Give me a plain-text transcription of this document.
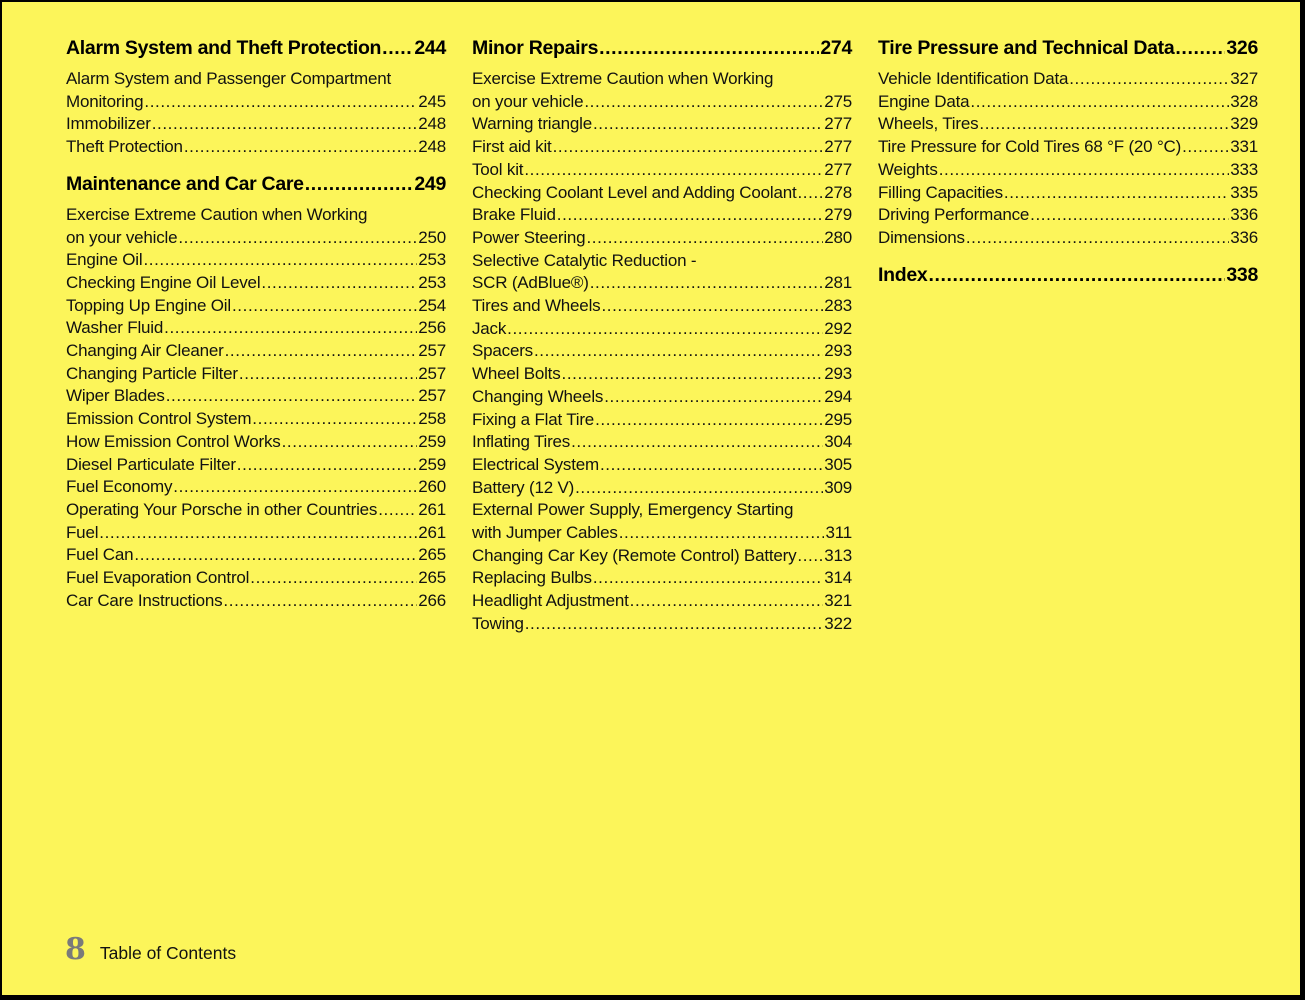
Alarm System and Theft Protection ..... 244
Alarm System and Passenger Compartment
Monitoring .....	245
Immobilizer .....	248
Theft Protection .....	248
Maintenance and Car Care .....	249
Exercise Extreme Caution when Working
on your vehicle .....	250
Engine Oil .....	253
Checking Engine Oil Level .....	253
Topping Up Engine Oil .....	254
Washer Fluid .....	256
Changing Air Cleaner .....	257
Changing Particle Filter .....	257
Wiper Blades .....	257
Emission Control System .....	258
How Emission Control Works .....	259
Diesel Particulate Filter .....	259
Fuel Economy .....	260
Operating Your Porsche in other Countries ..... 261
Fuel .....	261
Fuel Can .....	265
Fuel Evaporation Control .....	265
Car Care Instructions .....	266
Minor Repairs .....	274
Exercise Extreme Caution when Working
on your vehicle .....	275
Warning triangle .....	277
First aid kit .....	277
Tool kit .....	277
Checking Coolant Level and Adding Coolant ..... 278
Brake Fluid .....	279
Power Steering .....	280
Selective Catalytic Reduction -
SCR (AdBlue®) .....	281
Tires and Wheels .....	283
Jack .....	292
Spacers .....	293
Wheel Bolts .....	293
Changing Wheels .....	294
Fixing a Flat Tire .....	295
Inflating Tires .....	304
Electrical System .....	305
Battery (12 V) .....	309
External Power Supply, Emergency Starting
with Jumper Cables .....	311
Changing Car Key (Remote Control) Battery ..... 313
Replacing Bulbs .....	314
Headlight Adjustment .....	321
Towing .....	322
Tire Pressure and Technical Data .....	326
Vehicle Identification Data .....	327
Engine Data .....	328
Wheels, Tires .....	329
Tire Pressure for Cold Tires 68 °F (20 °C) .....	331
Weights .....	333
Filling Capacities .....	335
Driving Performance .....	336
Dimensions .....	336
Index .....	338
8 Table of Contents
